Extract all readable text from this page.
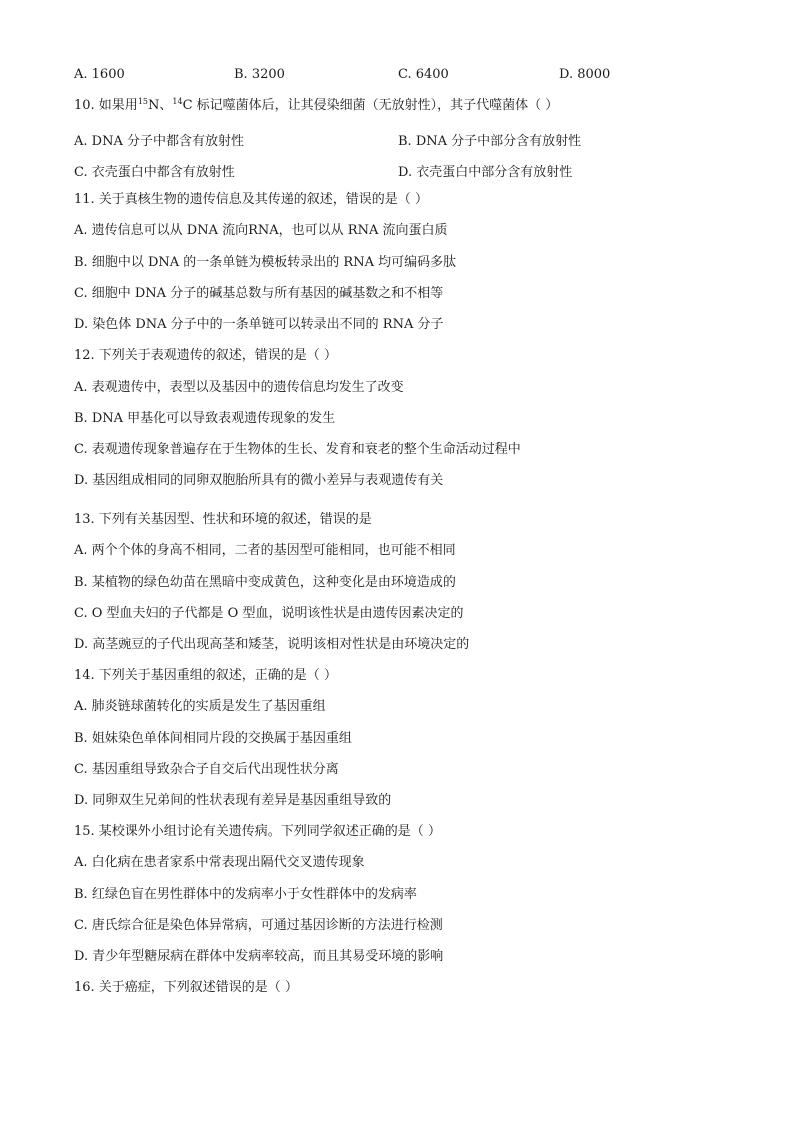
A. 1600	B. 3200	C. 6400	D. 8000
10. 如果用$^{15}$N、$^{14}$C 标记噬菌体后，让其侵染细菌（无放射性），其子代噬菌体（ ）
A. DNA 分子中都含有放射性	B. DNA 分子中部分含有放射性
C. 衣壳蛋白中都含有放射性	D. 衣壳蛋白中部分含有放射性
11. 关于真核生物的遗传信息及其传递的叙述，错误的是（ ）
A. 遗传信息可以从 DNA 流向RNA，也可以从 RNA 流向蛋白质
B. 细胞中以 DNA 的一条单链为模板转录出的 RNA 均可编码多肽
C. 细胞中 DNA 分子的碱基总数与所有基因的碱基数之和不相等
D. 染色体 DNA 分子中的一条单链可以转录出不同的 RNA 分子
12. 下列关于表观遗传的叙述，错误的是（ ）
A. 表观遗传中，表型以及基因中的遗传信息均发生了改变
B. DNA 甲基化可以导致表观遗传现象的发生
C. 表观遗传现象普遍存在于生物体的生长、发育和衰老的整个生命活动过程中
D. 基因组成相同的同卵双胞胎所具有的微小差异与表观遗传有关
13. 下列有关基因型、性状和环境的叙述，错误的是
A. 两个个体的身高不相同，二者的基因型可能相同，也可能不相同
B. 某植物的绿色幼苗在黑暗中变成黄色，这种变化是由环境造成的
C. O 型血夫妇的子代都是 O 型血，说明该性状是由遗传因素决定的
D. 高茎豌豆的子代出现高茎和矮茎，说明该相对性状是由环境决定的
14. 下列关于基因重组的叙述，正确的是（ ）
A. 肺炎链球菌转化的实质是发生了基因重组
B. 姐妹染色单体间相同片段的交换属于基因重组
C. 基因重组导致杂合子自交后代出现性状分离
D. 同卵双生兄弟间的性状表现有差异是基因重组导致的
15. 某校课外小组讨论有关遗传病。下列同学叙述正确的是（ ）
A. 白化病在患者家系中常表现出隔代交叉遗传现象
B. 红绿色盲在男性群体中的发病率小于女性群体中的发病率
C. 唐氏综合征是染色体异常病，可通过基因诊断的方法进行检测
D. 青少年型糖尿病在群体中发病率较高，而且其易受环境的影响
16. 关于癌症，下列叙述错误的是（ ）
